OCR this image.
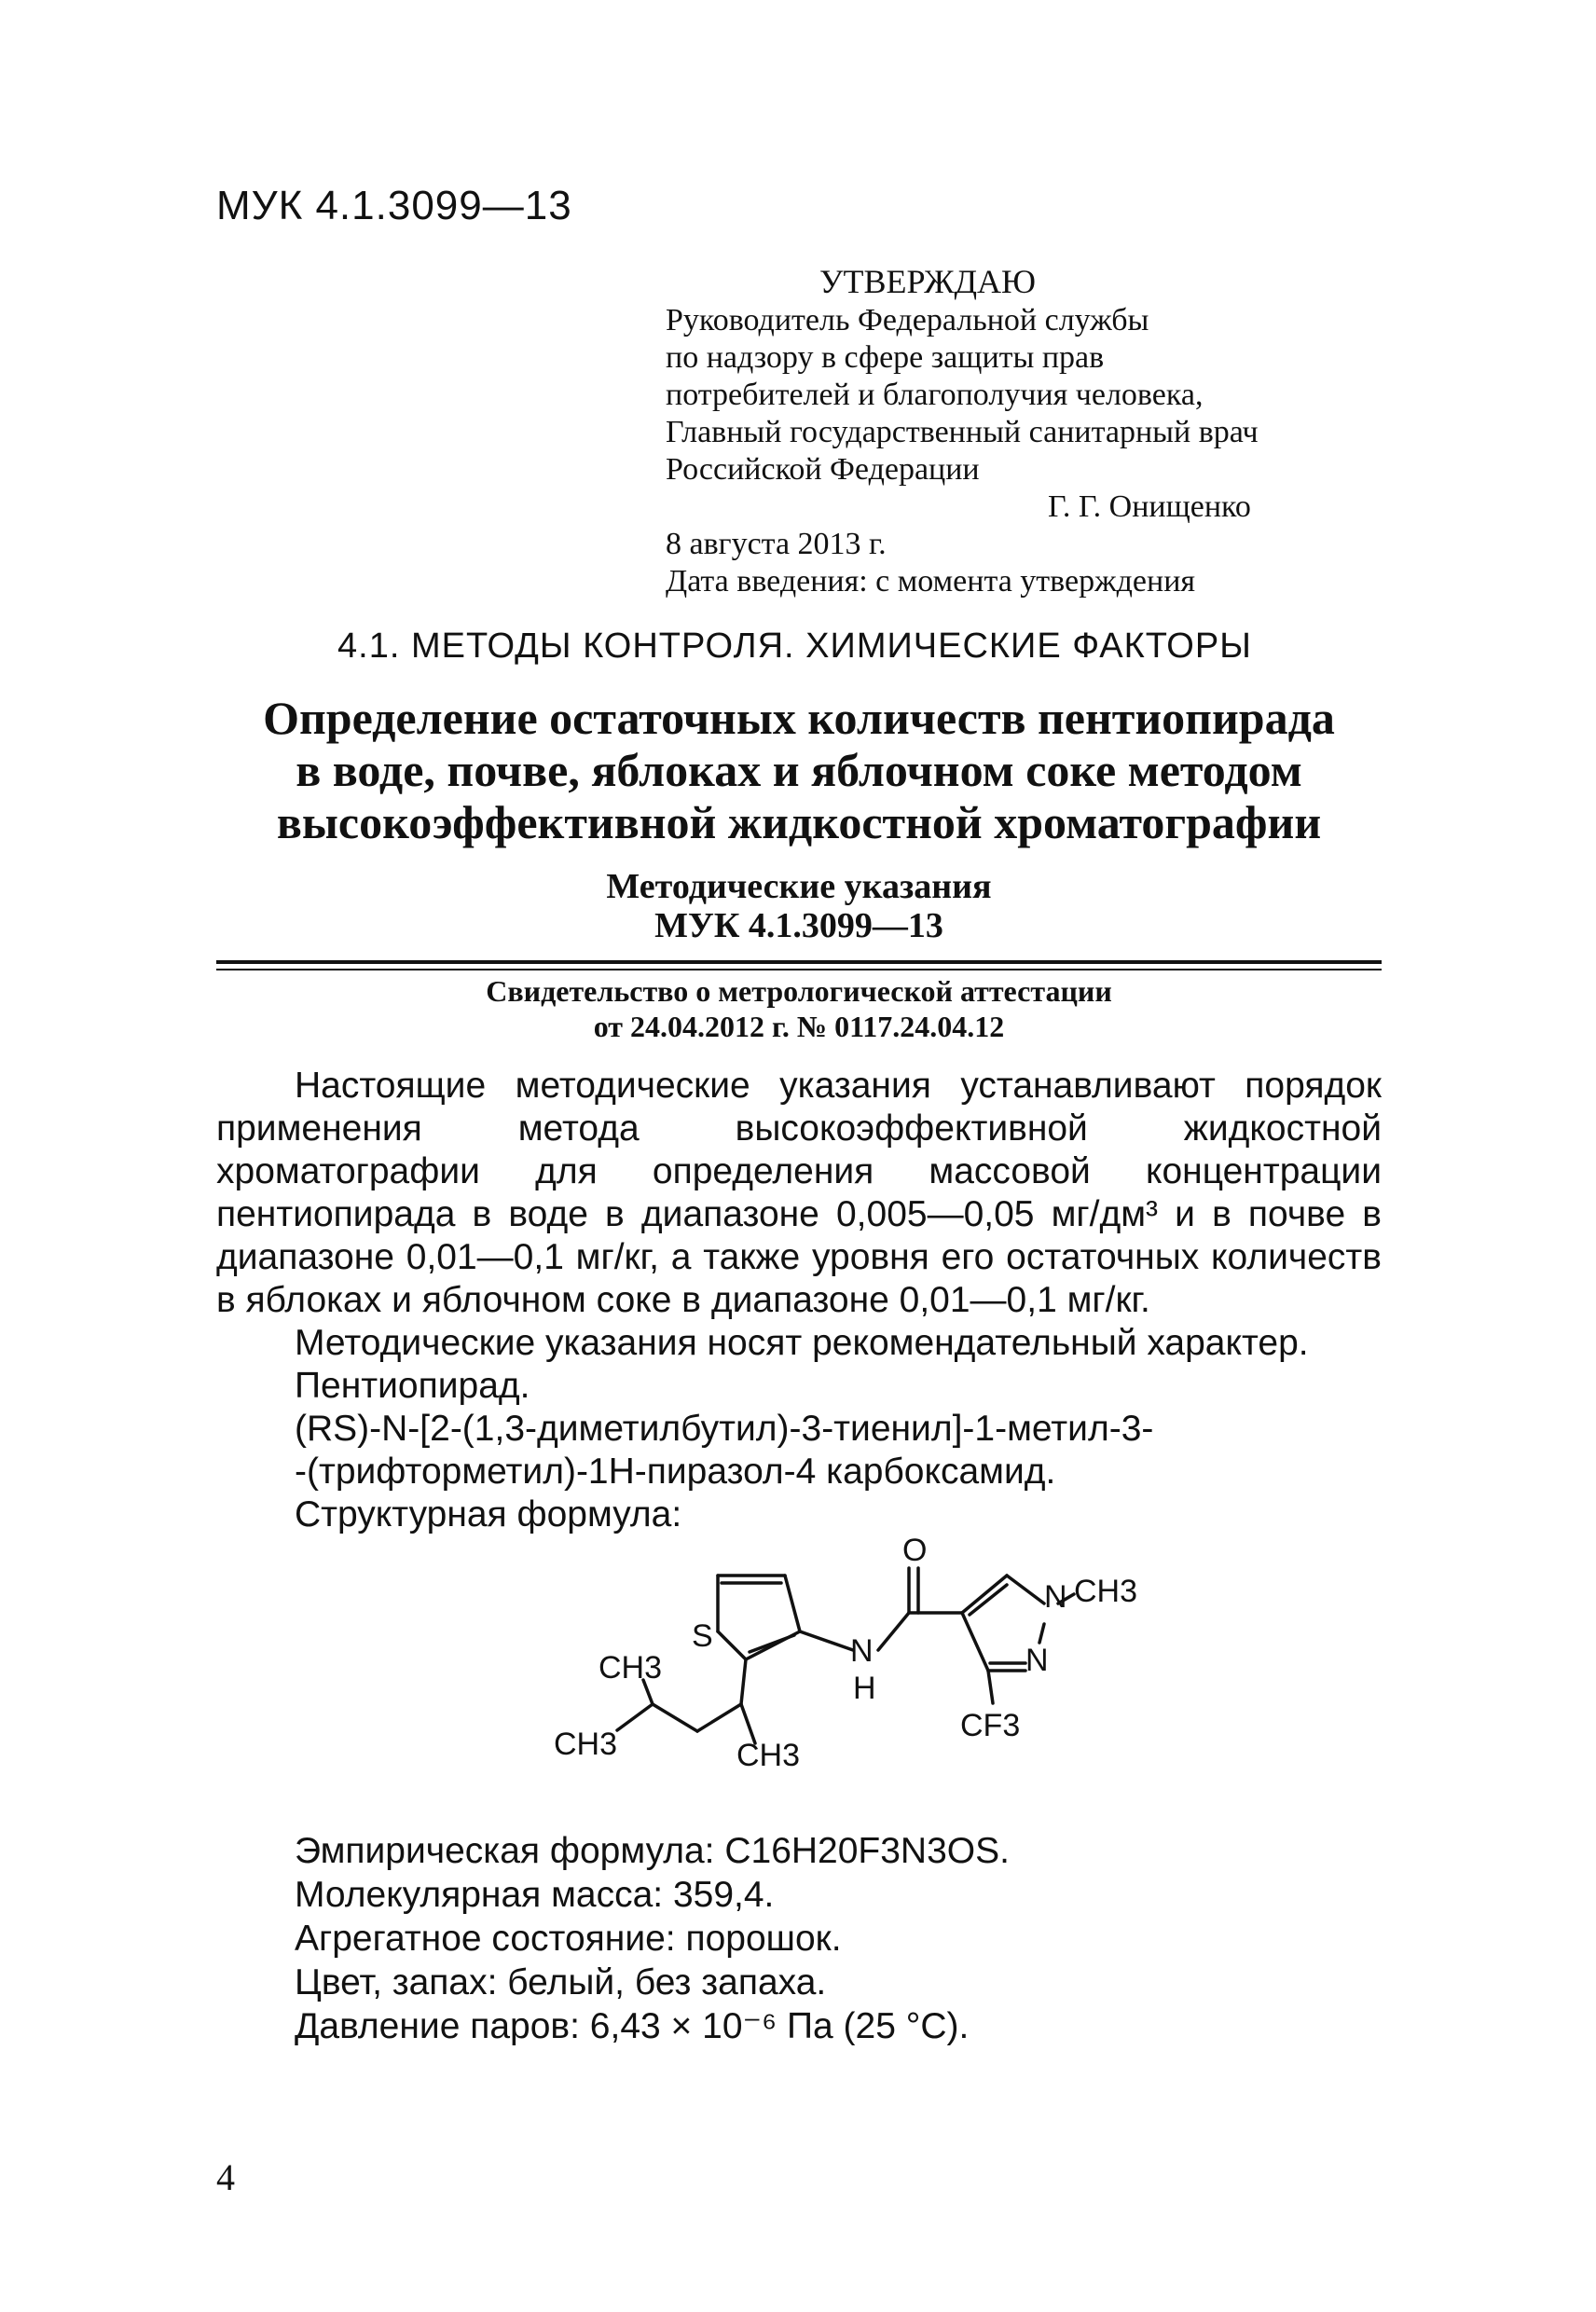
МУК 4.1.3099—13
УТВЕРЖДАЮ
Руководитель Федеральной службы
по надзору в сфере защиты прав
потребителей и благополучия человека,
Главный государственный санитарный врач
Российской Федерации
Г. Г. Онищенко
8 августа 2013 г.
Дата введения: с момента утверждения
4.1. МЕТОДЫ КОНТРОЛЯ. ХИМИЧЕСКИЕ ФАКТОРЫ
Определение остаточных количеств пентиопирада
в воде, почве, яблоках и яблочном соке методом
высокоэффективной жидкостной хроматографии
Методические указания
МУК 4.1.3099—13
Свидетельство о метрологической аттестации
от 24.04.2012 г. № 0117.24.04.12

Настоящие методические указания устанавливают порядок применения метода высокоэффективной жидкостной хроматографии для определения массовой концентрации пентиопирада в воде в диапазоне 0,005—0,05 мг/дм³ и в почве в диапазоне 0,01—0,1 мг/кг, а также уровня его остаточных количеств в яблоках и яблочном соке в диапазоне 0,01—0,1 мг/кг.

Методические указания носят рекомендательный характер.
Пентиопирад.
(RS)-N-[2-(1,3-диметилбутил)-3-тиенил]-1-метил-3-
-(трифторметил)-1H-пиразол-4 карбоксамид.
Структурная формула:
O
S	N
H
N
N
CH3
CH3
CH3	CH3
CF3
Эмпирическая формула: C16H20F3N3OS.
Молекулярная масса: 359,4.
Агрегатное состояние: порошок.
Цвет, запах: белый, без запаха.
Давление паров: 6,43 × 10⁻⁶ Па (25 °С).
4
